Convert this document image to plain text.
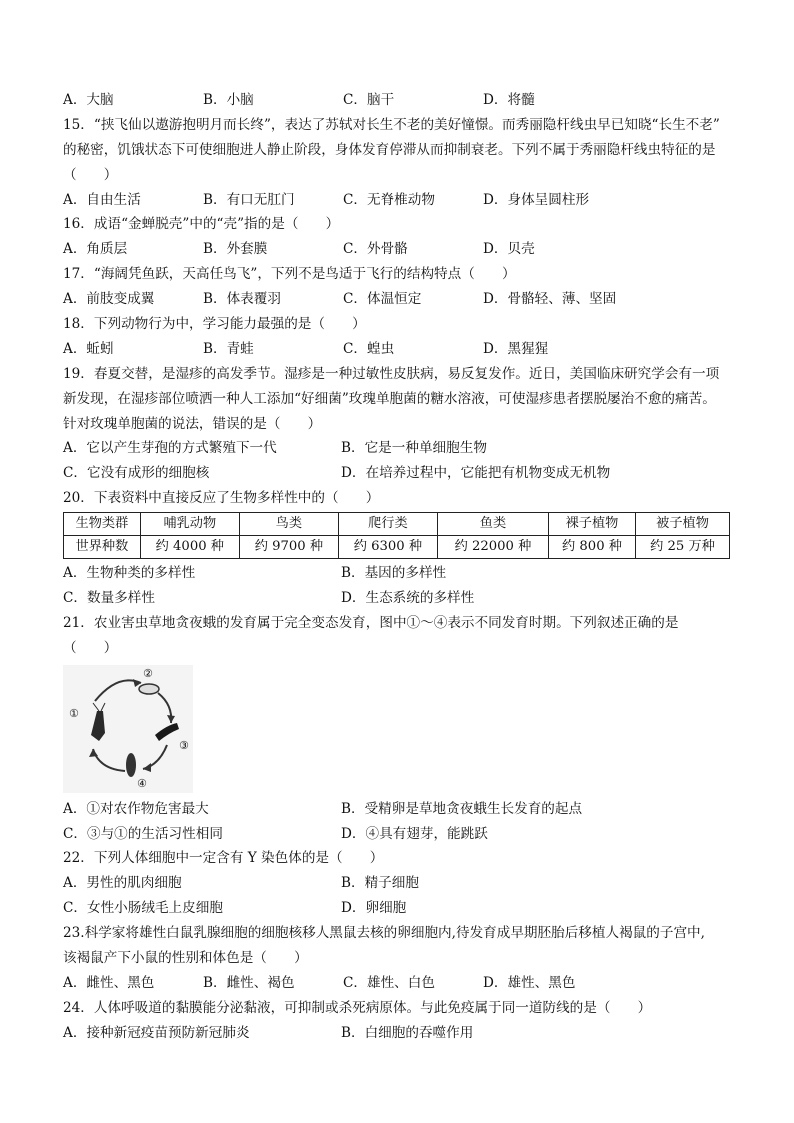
A．大脑	B．小脑	C．脑干	D．将髓
15．“挟飞仙以遨游抱明月而长终”，表达了苏轼对长生不老的美好憧憬。而秀丽隐杆线虫早已知晓“长生不老”
的秘密，饥饿状态下可使细胞进人静止阶段，身体发育停滞从而抑制衰老。下列不属于秀丽隐杆线虫特征的是
（　　）
A．自由生活	B．有口无肛门	C．无脊椎动物	D．身体呈圆柱形
16．成语“金蝉脱壳”中的“壳”指的是（　　）
A．角质层	B．外套膜	C．外骨骼	D．贝壳
17．“海阔凭鱼跃，天高任鸟飞”，下列不是鸟适于飞行的结构特点（　　）
A．前肢变成翼	B．体表覆羽	C．体温恒定	D．骨骼轻、薄、坚固
18．下列动物行为中，学习能力最强的是（　　）
A．蚯蚓	B．青蛙	C．蝗虫	D．黑猩猩
19．春夏交替，是湿疹的高发季节。湿疹是一种过敏性皮肤病，易反复发作。近日，美国临床研究学会有一项
新发现，在湿疹部位喷洒一种人工添加“好细菌”玫瑰单胞菌的糖水溶液，可使湿疹患者摆脱屡治不愈的痛苦。
针对玫瑰单胞菌的说法，错误的是（　　）
A．它以产生芽孢的方式繁殖下一代	B．它是一种单细胞生物
C．它没有成形的细胞核	D．在培养过程中，它能把有机物变成无机物
20．下表资料中直接反应了生物多样性中的（　　）
生物类群	哺乳动物	鸟类	爬行类	鱼类	裸子植物	被子植物
世界种数	约 4000 种	约 9700 种	约 6300 种	约 22000 种	约 800 种	约 25 万种
A．生物种类的多样性	B．基因的多样性
C．数量多样性	D．生态系统的多样性
21．农业害虫草地贪夜蛾的发育属于完全变态发育，图中①～④表示不同发育时期。下列叙述正确的是
（　　）
①
②
③
④
A．①对农作物危害最大	B．受精卵是草地贪夜蛾生长发育的起点
C．③与①的生活习性相同	D．④具有翅芽，能跳跃
22．下列人体细胞中一定含有 Y 染色体的是（　　）
A．男性的肌肉细胞	B．精子细胞
C．女性小肠绒毛上皮细胞	D．卵细胞
23.科学家将雄性白鼠乳腺细胞的细胞核移人黑鼠去核的卵细胞内,待发育成早期胚胎后移植人褐鼠的子宫中,
该褐鼠产下小鼠的性别和体色是（　　）
A．雌性、黑色	B．雌性、褐色	C．雄性、白色	D．雄性、黑色
24．人体呼吸道的黏膜能分泌黏液，可抑制或杀死病原体。与此免疫属于同一道防线的是（　　）
A．接种新冠疫苗预防新冠肺炎	B．白细胞的吞噬作用
